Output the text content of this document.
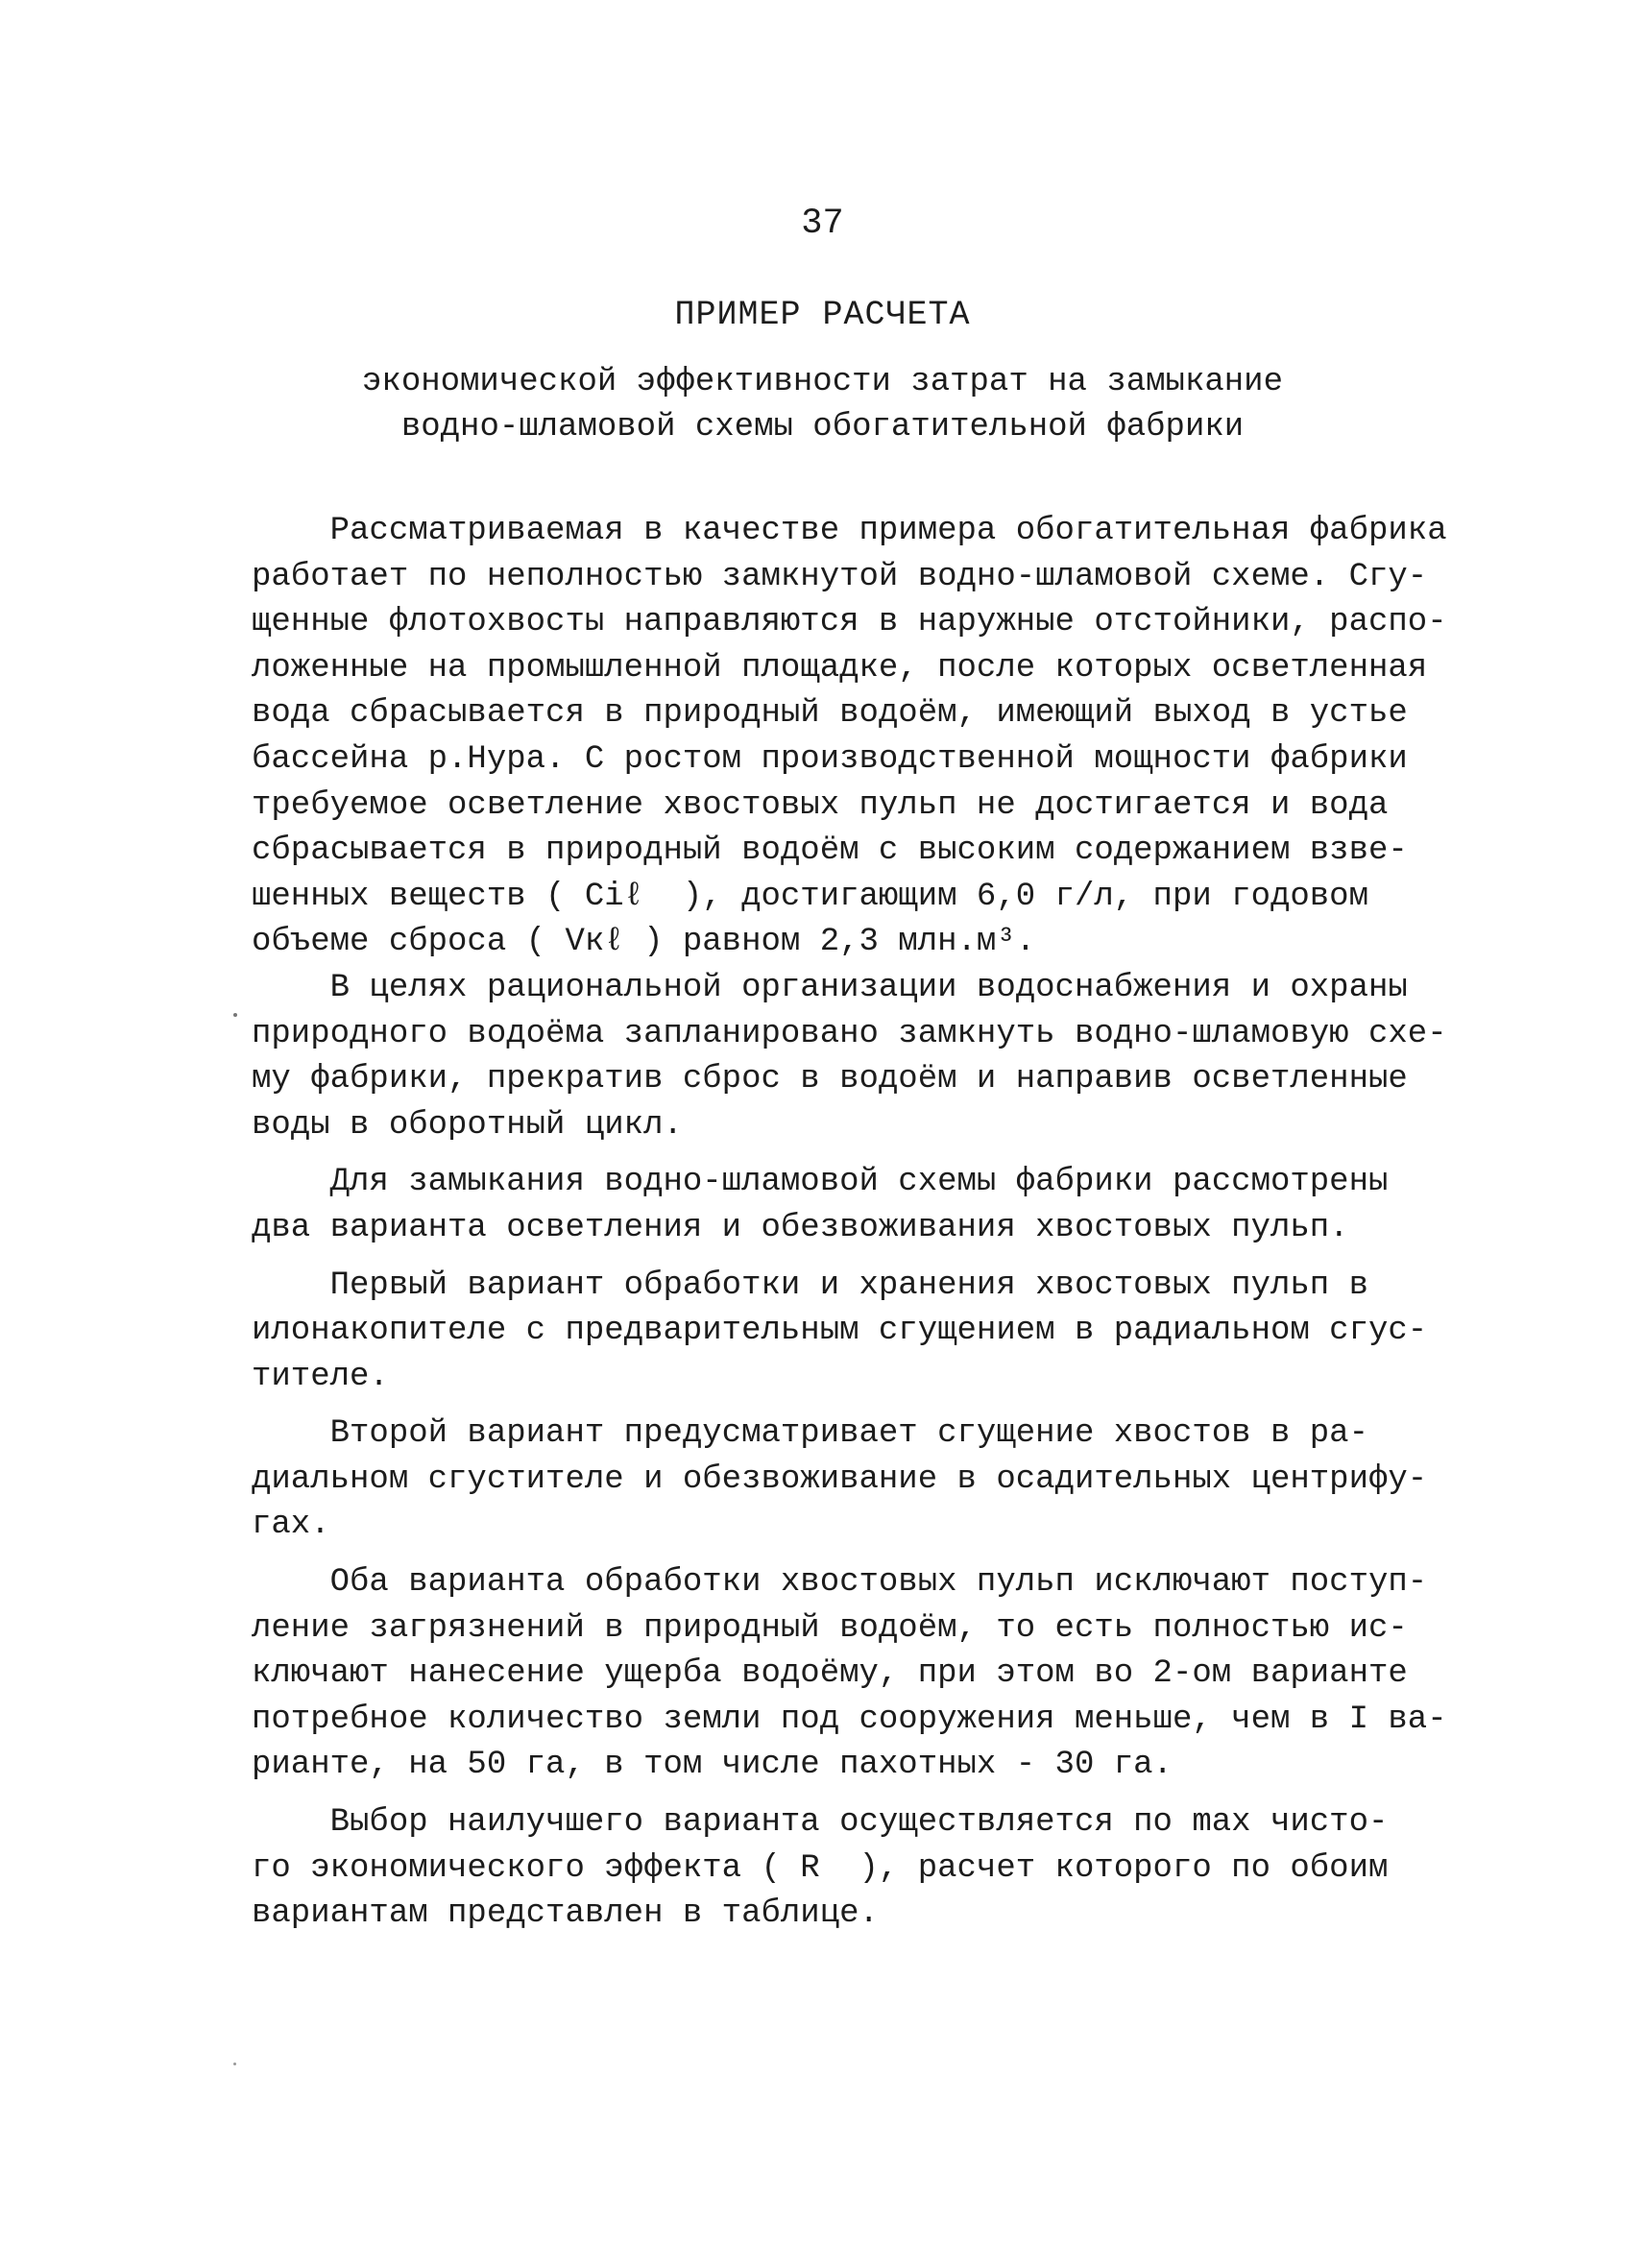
37
ПРИМЕР РАСЧЕТА
экономической эффективности затрат на замыкание
водно-шламовой схемы обогатительной фабрики
Рассматриваемая в качестве примера обогатительная фабрика
работает по неполностью замкнутой водно-шламовой схеме. Сгу-
щенные флотохвосты направляются в наружные отстойники, распо-
ложенные на промышленной площадке, после которых осветленная
вода сбрасывается в природный водоём, имеющий выход в устье
бассейна р.Нура. С ростом производственной мощности фабрики
требуемое осветление хвостовых пульп не достигается и вода
сбрасывается в природный водоём с высоким содержанием взве-
шенных веществ ( Сiℓ  ), достигающим 6,0 г/л, при годовом
объеме сброса ( Vкℓ ) равном 2,3 млн.м³.
В целях рациональной организации водоснабжения и охраны
природного водоёма запланировано замкнуть водно-шламовую схе-
му фабрики, прекратив сброс в водоём и направив осветленные
воды в оборотный цикл.
Для замыкания водно-шламовой схемы фабрики рассмотрены
два варианта осветления и обезвоживания хвостовых пульп.
Первый вариант обработки и хранения хвостовых пульп в
илонакопителе с предварительным сгущением в радиальном сгус-
тителе.
Второй вариант предусматривает сгущение хвостов в ра-
диальном сгустителе и обезвоживание в осадительных центрифу-
гах.
Оба варианта обработки хвостовых пульп исключают поступ-
ление загрязнений в природный водоём, то есть полностью ис-
ключают нанесение ущерба водоёму, при этом во 2-ом варианте
потребное количество земли под сооружения меньше, чем в I ва-
рианте, на 50 га, в том числе пахотных - 30 га.
Выбор наилучшего варианта осуществляется по max чисто-
го экономического эффекта ( R  ), расчет которого по обоим
вариантам представлен в таблице.
